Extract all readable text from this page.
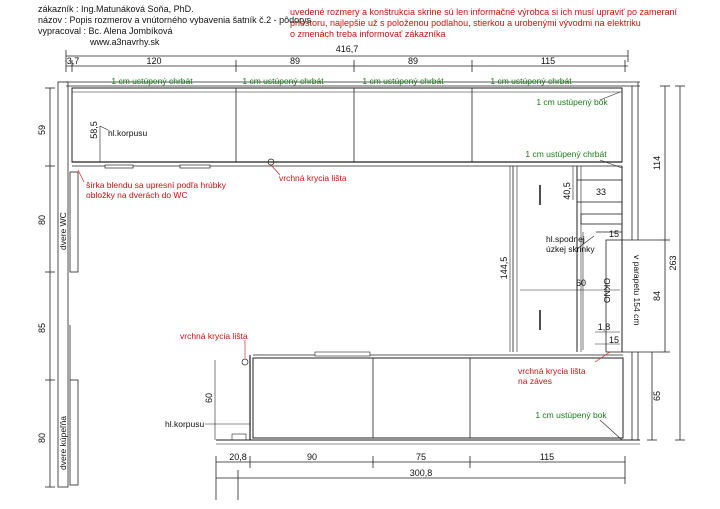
zákazník : Ing.Matunáková Soňa, PhD.
názov : Popis rozmerov a vnútorného vybavenia šatník č.2 - pôdorys
vypracoval : Bc. Alena Jombíková
www.a3navrhy.sk
uvedené rozmery a konštrukcia skrine sú len informačné výrobca si ich musí upraviť po zameraní
priestoru, najlepšie už s položenou podlahou, stierkou a urobenými vývodmi na elektriku
o zmenách treba informovať zákazníka
416,7
3,7	120	89	89	115
1 cm ustúpený chrbát	1 cm ustúpený chrbát	1 cm ustúpený chrbát	1 cm ustúpený chrbát
1 cm ustúpený bok
1 cm ustúpený chrbát
1 cm ustúpený bok
hl.korpusu
hl.korpusu
hl.spodnej
úzkej skrinky
OKNO v parapetu 154 cm
dvere WC
dvere kúpeľňa
59
80
85
80
58,5
114
263
84
65
40,5	33
144,5
15
60
1,8
15
60
20,8	90	75	115
300,8
vrchná krycia lišta
šírka blendu sa upresní podľa hrúbky
obložky na dverách do WC
vrchná krycia lišta
vrchná krycia lišta
na záves
